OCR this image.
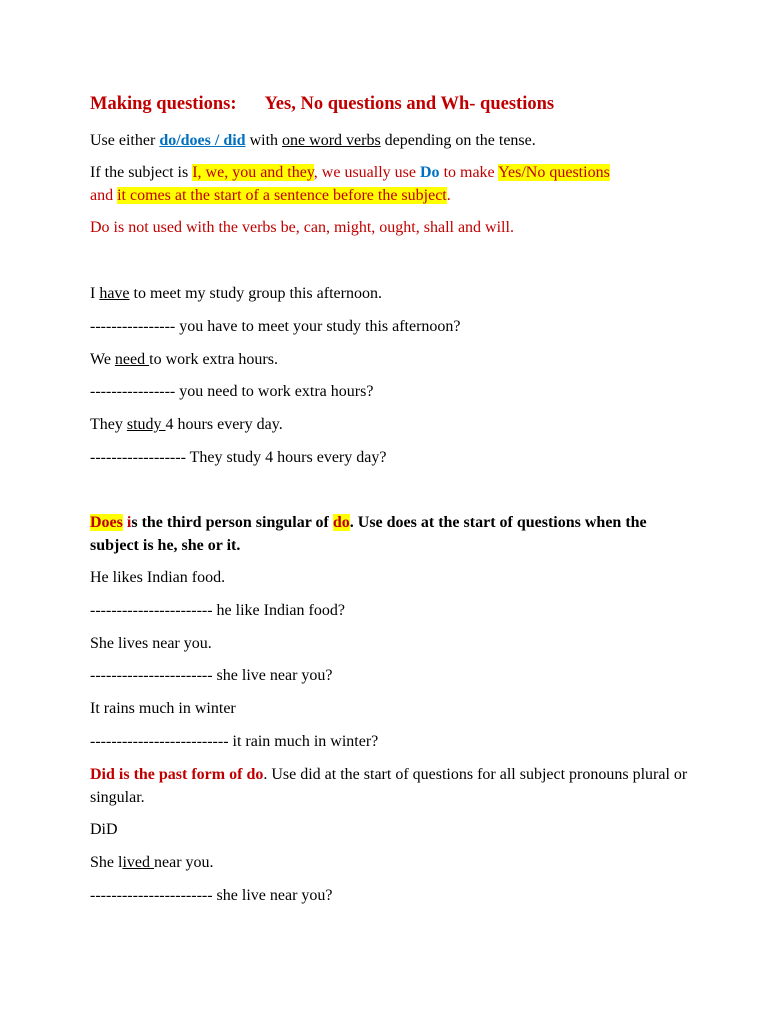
Making questions: Yes, No questions and Wh- questions
Use either do/does / did with one word verbs depending on the tense.
If the subject is I, we, you and they, we usually use Do to make Yes/No questions
and it comes at the start of a sentence before the subject.
Do is not used with the verbs be, can, might, ought, shall and will.
I have to meet my study group this afternoon.
---------------- you have to meet your study this afternoon?
We need to work extra hours.
---------------- you need to work extra hours?
They study 4 hours every day.
------------------ They study 4 hours every day?
Does is the third person singular of do. Use does at the start of questions when the subject is he, she or it.
He likes Indian food.
----------------------- he like Indian food?
She lives near you.
----------------------- she live near you?
It rains much in winter
-------------------------- it rain much in winter?
Did is the past form of do. Use did at the start of questions for all subject pronouns plural or singular.
DiD
She lived near you.
----------------------- she live near you?
